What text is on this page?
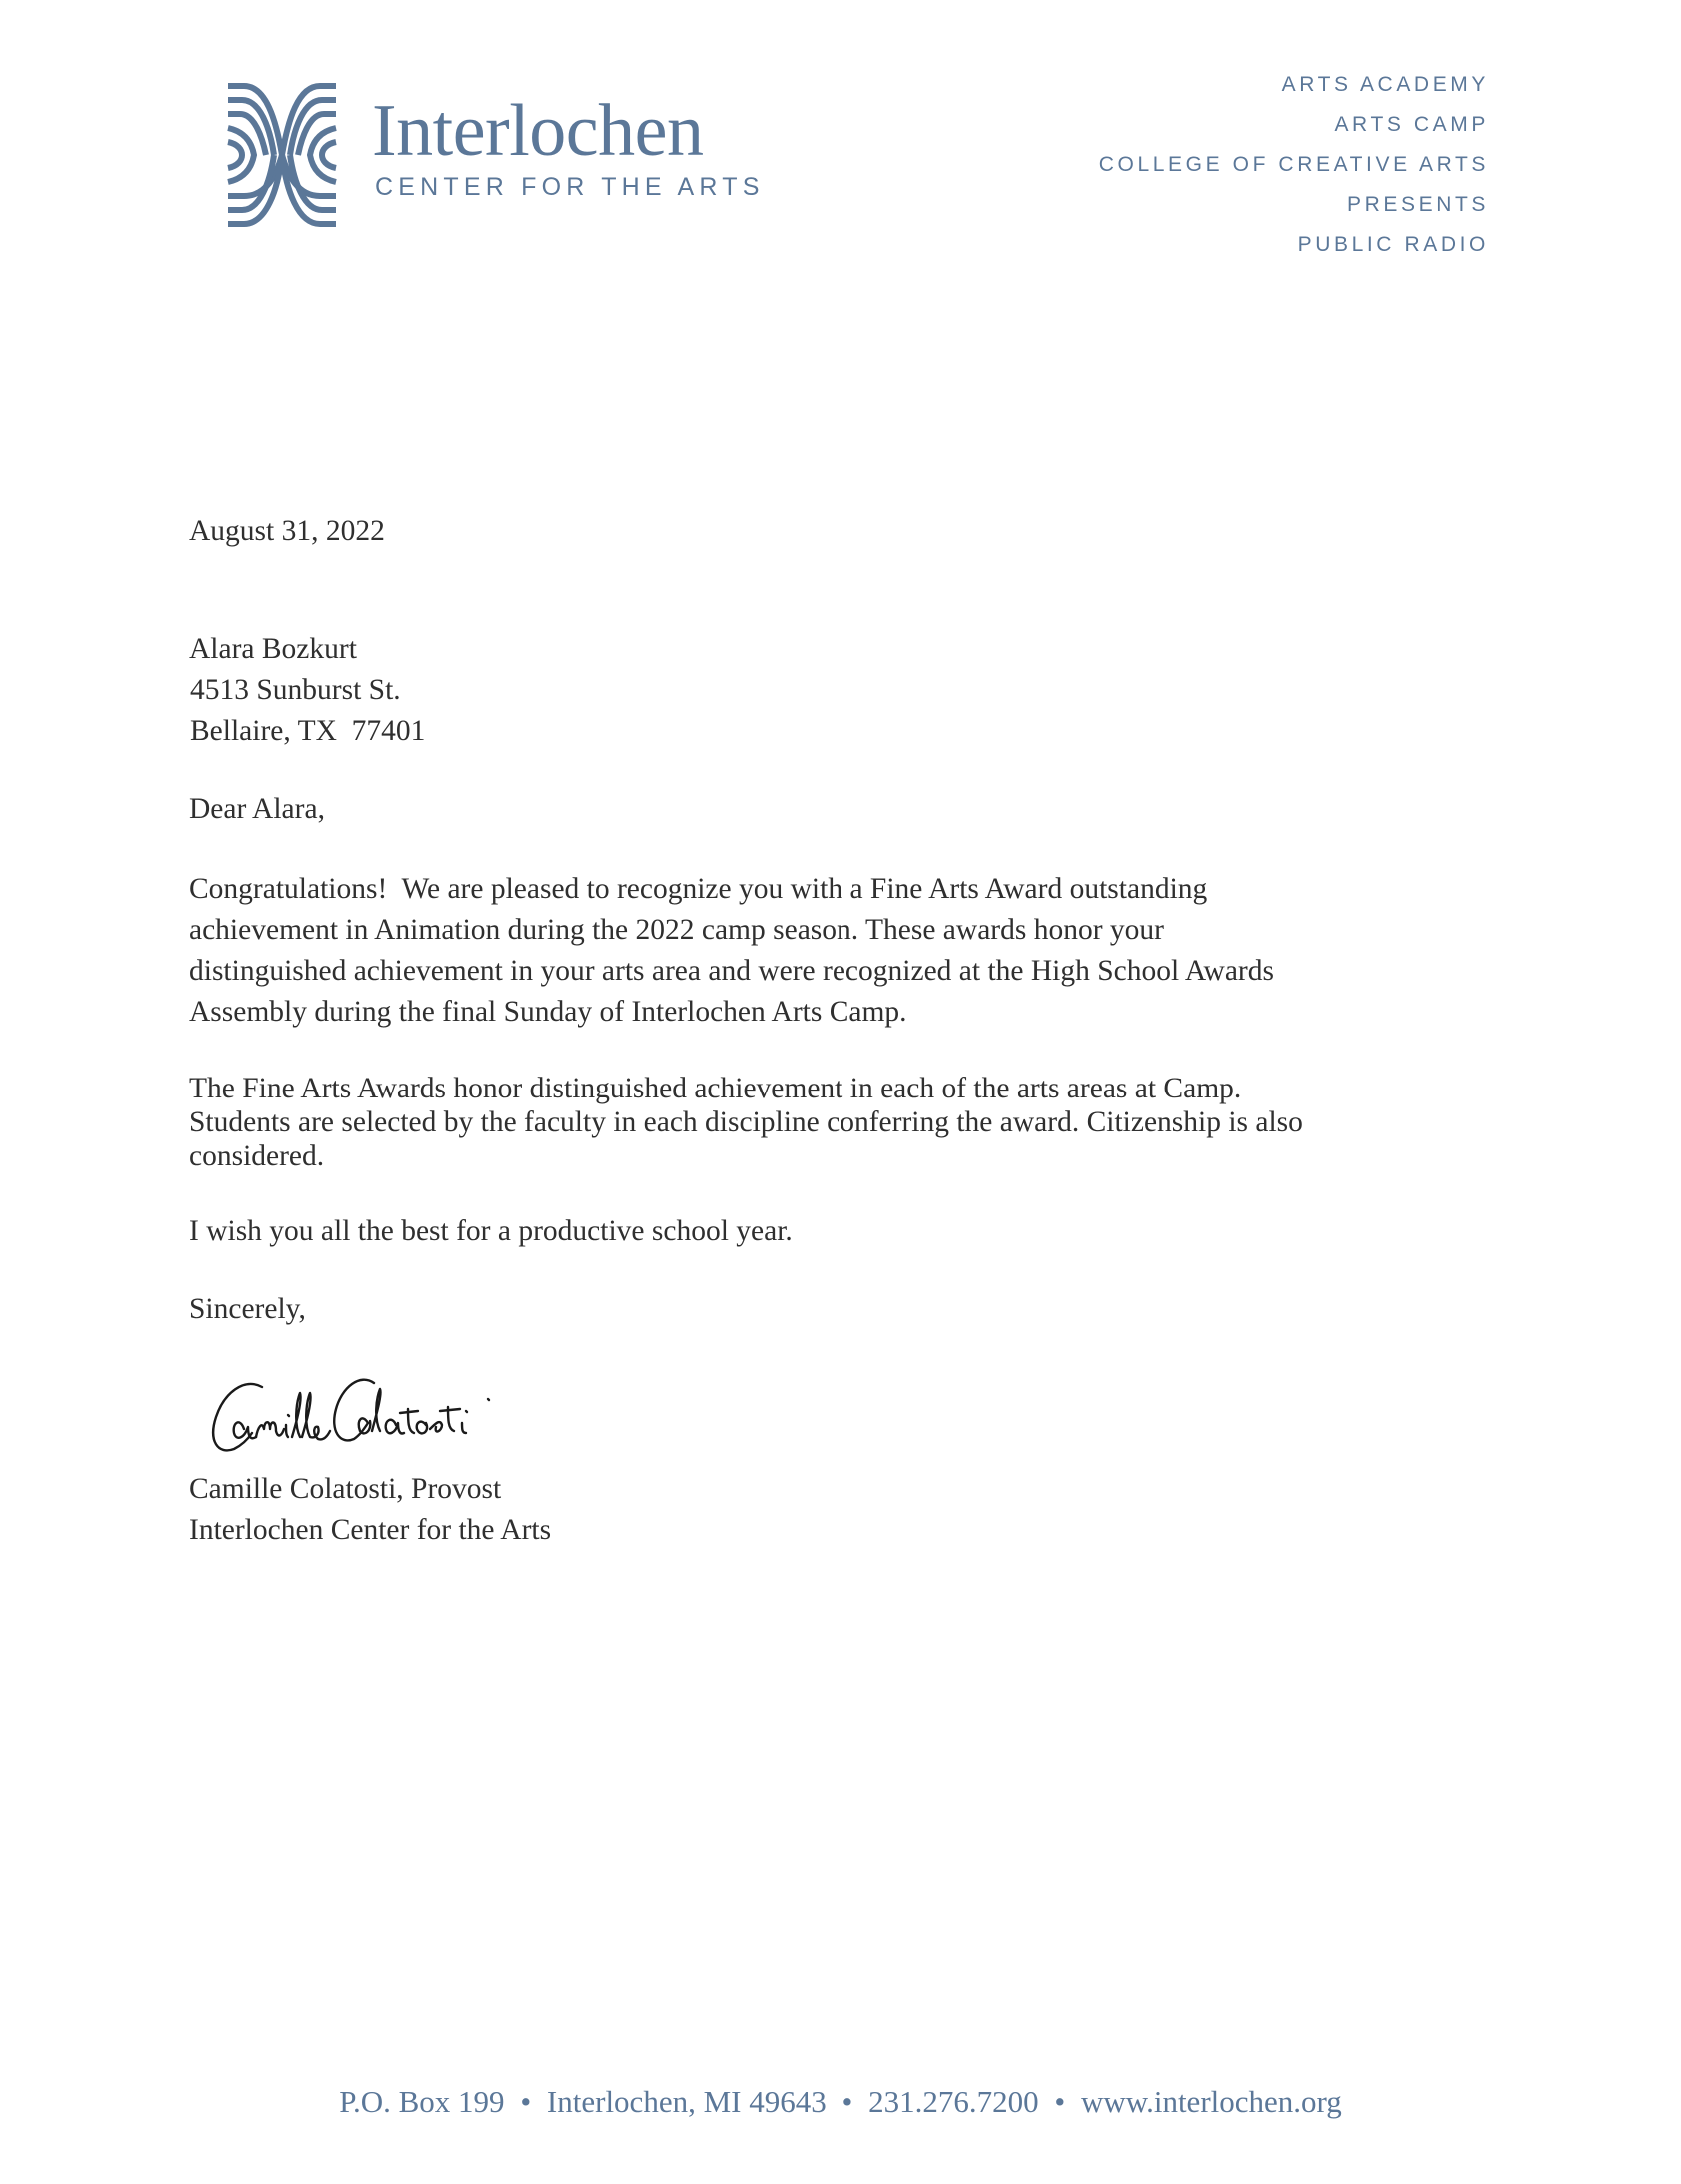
Interlochen
CENTER FOR THE ARTS
ARTS ACADEMY
ARTS CAMP
COLLEGE OF CREATIVE ARTS
PRESENTS
PUBLIC RADIO
August 31, 2022
Alara Bozkurt
4513 Sunburst St.
Bellaire, TX  77401
Dear Alara,
Congratulations!  We are pleased to recognize you with a Fine Arts Award outstanding
achievement in Animation during the 2022 camp season. These awards honor your
distinguished achievement in your arts area and were recognized at the High School Awards
Assembly during the final Sunday of Interlochen Arts Camp.
The Fine Arts Awards honor distinguished achievement in each of the arts areas at Camp.
Students are selected by the faculty in each discipline conferring the award. Citizenship is also
considered.
I wish you all the best for a productive school year.
Sincerely,
Camille Colatosti, Provost
Interlochen Center for the Arts
P.O. Box 199 • Interlochen, MI 49643 • 231.276.7200 • www.interlochen.org
